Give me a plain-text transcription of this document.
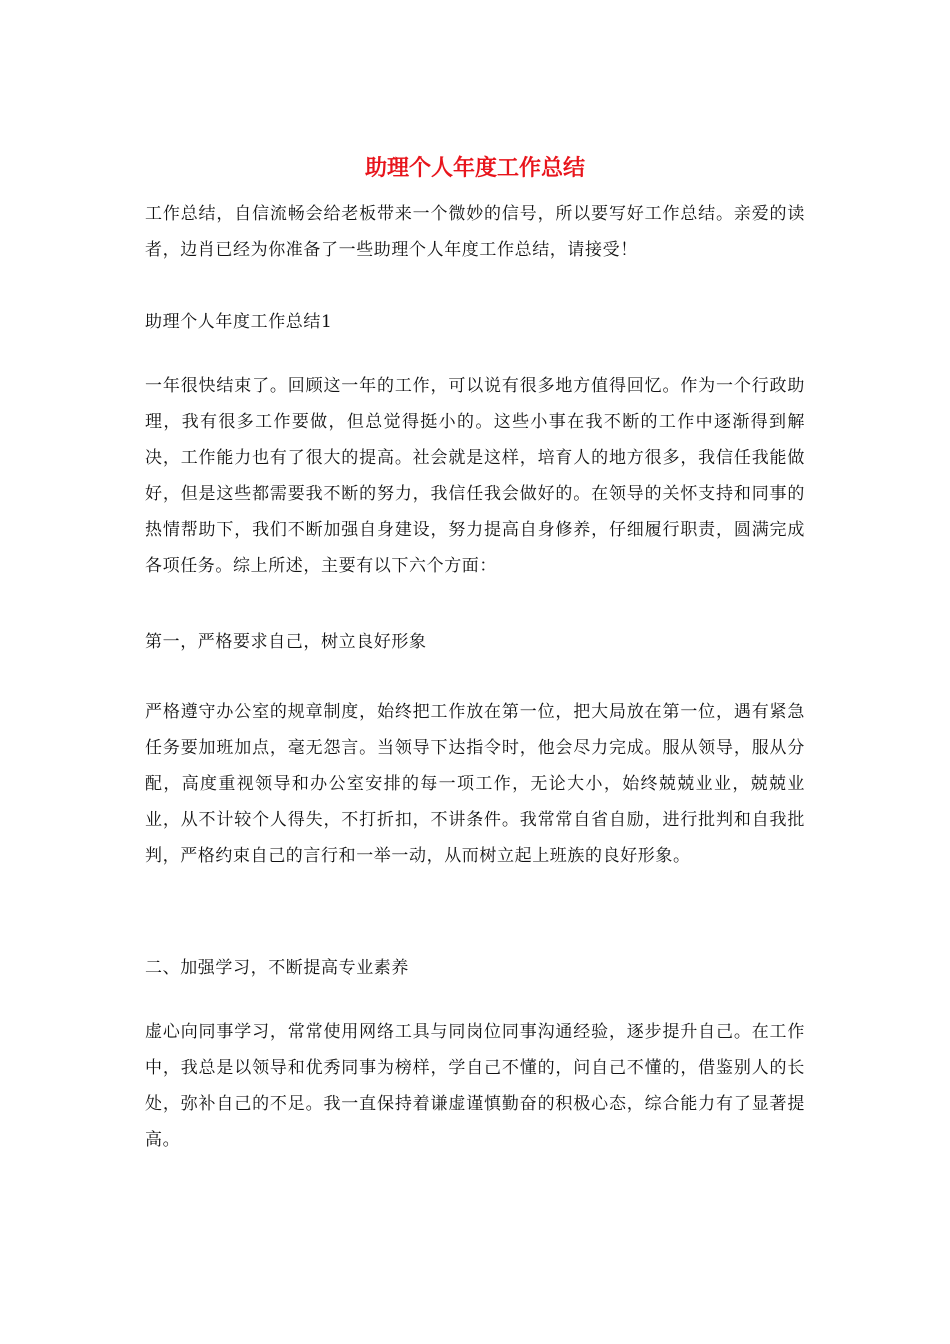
助理个人年度工作总结

工作总结，自信流畅会给老板带来一个微妙的信号，所以要写好工作总结。亲爱的读者，边肖已经为你准备了一些助理个人年度工作总结，请接受！

助理个人年度工作总结1

一年很快结束了。回顾这一年的工作，可以说有很多地方值得回忆。作为一个行政助理，我有很多工作要做，但总觉得挺小的。这些小事在我不断的工作中逐渐得到解决，工作能力也有了很大的提高。社会就是这样，培育人的地方很多，我信任我能做好，但是这些都需要我不断的努力，我信任我会做好的。在领导的关怀支持和同事的热情帮助下，我们不断加强自身建设，努力提高自身修养，仔细履行职责，圆满完成各项任务。综上所述，主要有以下六个方面：

第一，严格要求自己，树立良好形象

严格遵守办公室的规章制度，始终把工作放在第一位，把大局放在第一位，遇有紧急任务要加班加点，毫无怨言。当领导下达指令时，他会尽力完成。服从领导，服从分配，高度重视领导和办公室安排的每一项工作，无论大小，始终兢兢业业，兢兢业业，从不计较个人得失，不打折扣，不讲条件。我常常自省自励，进行批判和自我批判，严格约束自己的言行和一举一动，从而树立起上班族的良好形象。

二、加强学习，不断提高专业素养

虚心向同事学习，常常使用网络工具与同岗位同事沟通经验，逐步提升自己。在工作中，我总是以领导和优秀同事为榜样，学自己不懂的，问自己不懂的，借鉴别人的长处，弥补自己的不足。我一直保持着谦虚谨慎勤奋的积极心态，综合能力有了显著提高。
